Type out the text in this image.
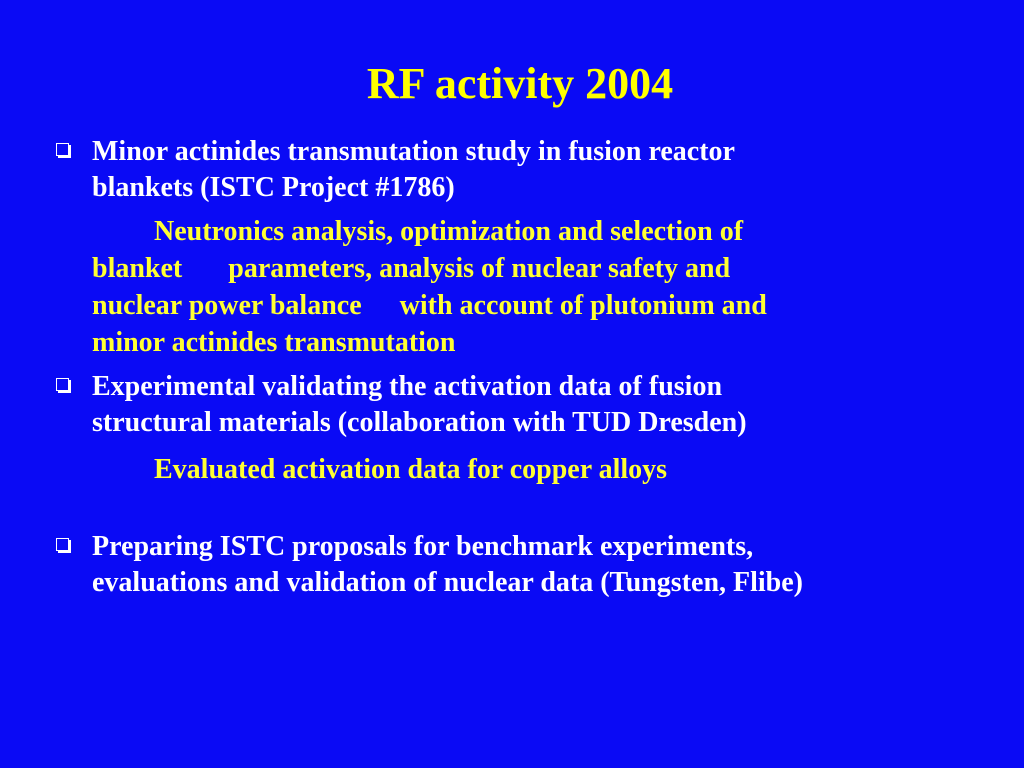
RF activity 2004
Minor actinides transmutation study in fusion reactor
blankets (ISTC Project #1786)
Neutronics analysis, optimization and selection of
blanket parameters, analysis of nuclear safety and
nuclear power balance with account of plutonium and
minor actinides transmutation
Experimental validating the activation data of fusion
structural materials (collaboration with TUD Dresden)
Evaluated activation data for copper alloys
Preparing ISTC proposals for benchmark experiments,
evaluations and validation of nuclear data (Tungsten, Flibe)
